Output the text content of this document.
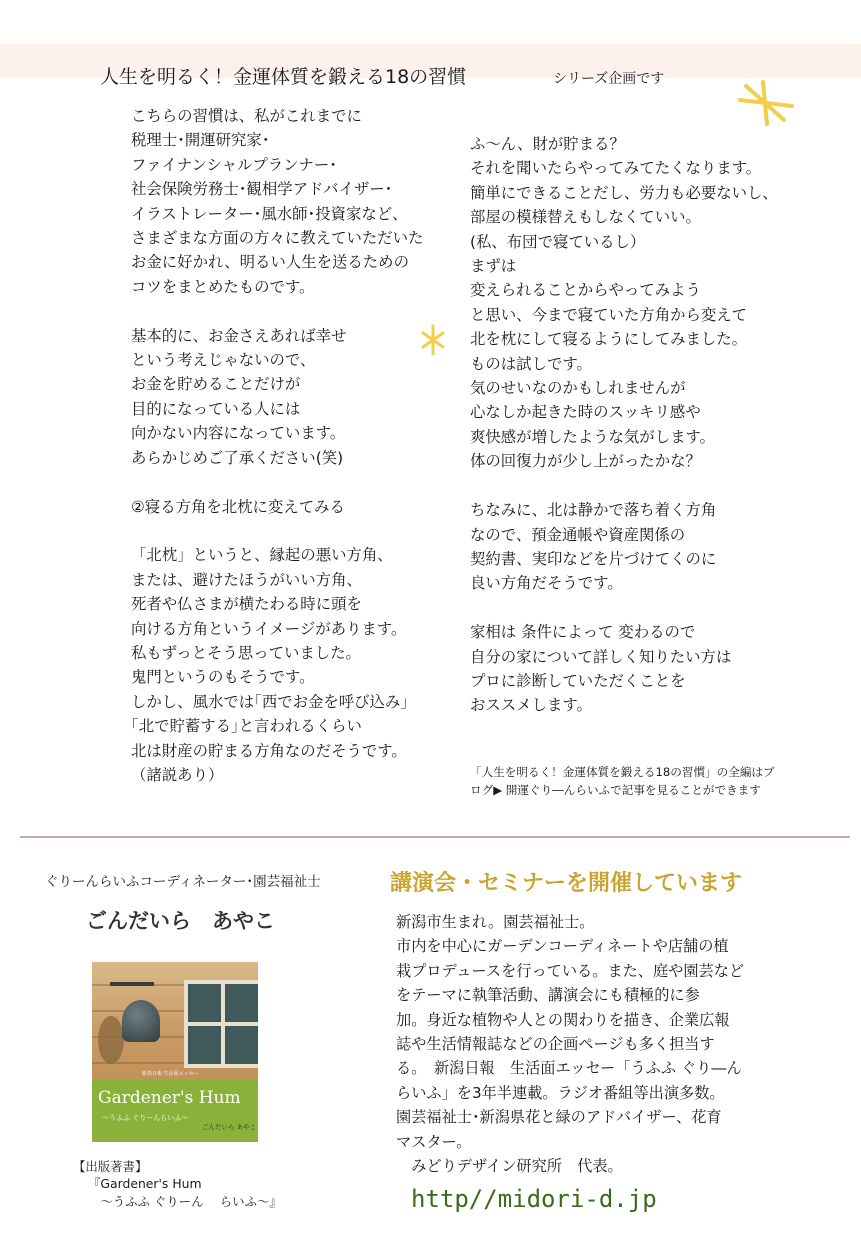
人生を明るく！金運体質を鍛える18の習慣	シリーズ企画です
こちらの習慣は、私がこれまでに
税理士･開運研究家･
ファイナンシャルプランナー･
社会保険労務士･観相学アドバイザー･
イラストレーター･風水師･投資家など、
さまざまな方面の方々に教えていただいた
お金に好かれ、明るい人生を送るための
コツをまとめたものです。

基本的に、お金さえあれば幸せ
という考えじゃないので、
お金を貯めることだけが
目的になっている人には
向かない内容になっています。
あらかじめご了承ください(笑)

②寝る方角を北枕に変えてみる

「北枕」というと、縁起の悪い方角、
または、避けたほうがいい方角、
死者や仏さまが横たわる時に頭を
向ける方角というイメージがあります。
私もずっとそう思っていました。
鬼門というのもそうです。
しかし、風水では｢西でお金を呼び込み｣
｢北で貯蓄する｣と言われるくらい
北は財産の貯まる方角なのだそうです。
（諸説あり）
ふ～ん、財が貯まる？
それを聞いたらやってみてたくなります。
簡単にできることだし、労力も必要ないし、
部屋の模様替えもしなくていい。
(私、布団で寝ているし）
まずは
変えられることからやってみよう
と思い、今まで寝ていた方角から変えて
北を枕にして寝るようにしてみました。
ものは試しです。
気のせいなのかもしれませんが
心なしか起きた時のスッキリ感や
爽快感が増したような気がします。
体の回復力が少し上がったかな？

ちなみに、北は静かで落ち着く方角
なので、預金通帳や資産関係の
契約書、実印などを片づけてくのに
良い方角だそうです。

家相は 条件によって 変わるので
自分の家について詳しく知りたい方は
プロに診断していただくことを
おススメします。
「人生を明るく！金運体質を鍛える18の習慣」の全編はブ
ログ▶ 開運ぐり―んらいふで記事を見ることができます
ぐりーんらいふコーディネーター･園芸福祉士
ごんだいら　あやこ
講演会・セミナーを開催しています
新潟市生まれ。園芸福祉士。
市内を中心にガーデンコーディネートや店舗の植
栽プロデュースを行っている。また、庭や園芸など
をテーマに執筆活動、講演会にも積極的に参
加。身近な植物や人との関わりを描き、企業広報
誌や生活情報誌などの企画ページも多く担当す
る。　新潟日報　生活面エッセー「うふふ ぐり―ん
らいふ」を3年半連載。ラジオ番組等出演多数。
園芸福祉士･新潟県花と緑のアドバイザー、花育
マスター。
　みどりデザイン研究所　代表。
http//midori-d.jp
新潟日報 生活面エッセー
Gardener's Hum
～うふふ ぐりーんらいふ～
ごんだいら あやこ
【出版著書】
『Gardener's Hum
　～うふふ ぐりーん　 らいふ～』
